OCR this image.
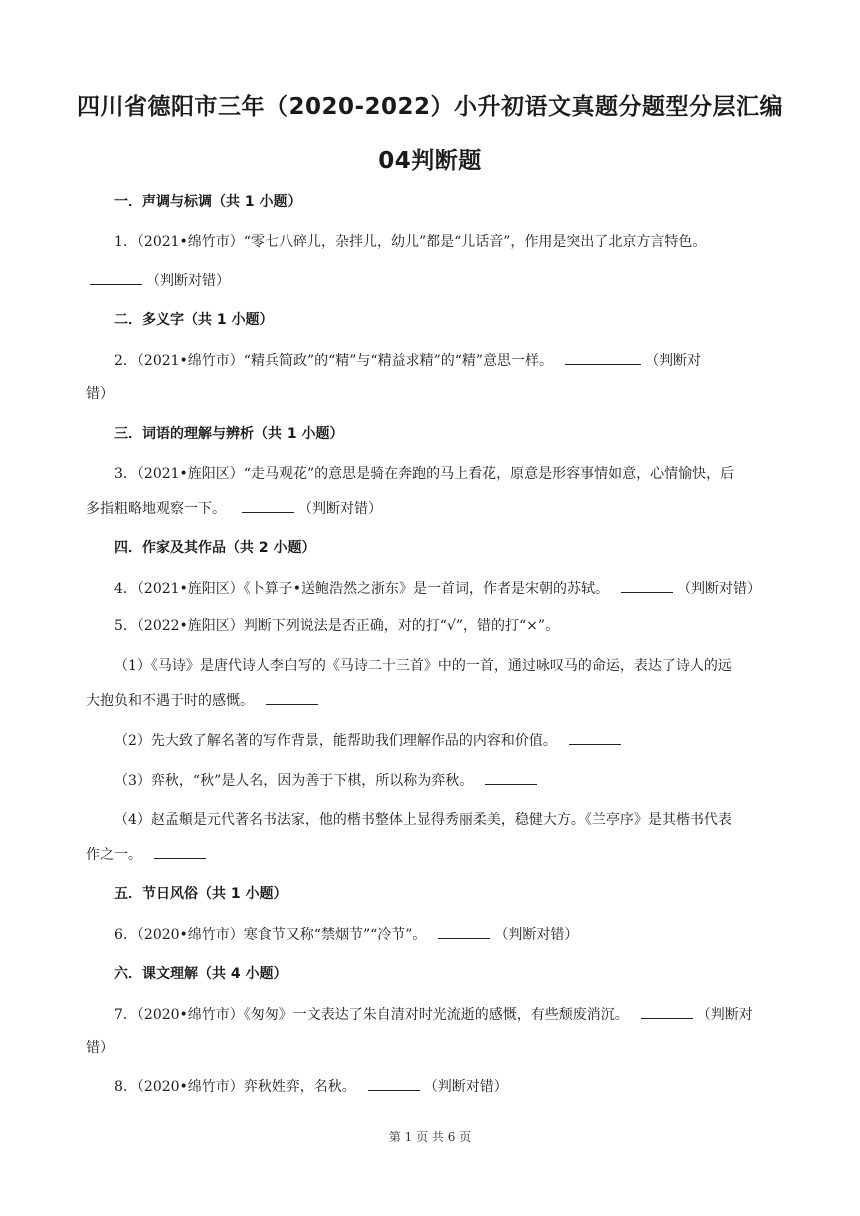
四川省德阳市三年（2020-2022）小升初语文真题分题型分层汇编
04判断题
一．声调与标调（共 1 小题）
1．（2021•绵竹市）“零七八碎儿，杂拌儿，幼儿”都是“儿话音”，作用是突出了北京方言特色。
（判断对错）
二．多义字（共 1 小题）
2．（2021•绵竹市）“精兵简政”的“精”与“精益求精”的“精”意思一样。	（判断对
错）
三．词语的理解与辨析（共 1 小题）
3．（2021•旌阳区）“走马观花”的意思是骑在奔跑的马上看花，原意是形容事情如意，心情愉快，后
多指粗略地观察一下。	（判断对错）
四．作家及其作品（共 2 小题）
4．（2021•旌阳区）《卜算子•送鲍浩然之浙东》是一首词，作者是宋朝的苏轼。	（判断对错）
5．（2022•旌阳区）判断下列说法是否正确，对的打“√”，错的打“×”。
（1）《马诗》是唐代诗人李白写的《马诗二十三首》中的一首，通过咏叹马的命运，表达了诗人的远
大抱负和不遇于时的感慨。
（2）先大致了解名著的写作背景，能帮助我们理解作品的内容和价值。
（3）弈秋，“秋”是人名，因为善于下棋，所以称为弈秋。
（4）赵孟頫是元代著名书法家，他的楷书整体上显得秀丽柔美，稳健大方。《兰亭序》是其楷书代表
作之一。
五．节日风俗（共 1 小题）
6．（2020•绵竹市）寒食节又称“禁烟节”“冷节”。	（判断对错）
六．课文理解（共 4 小题）
7．（2020•绵竹市）《匆匆》一文表达了朱自清对时光流逝的感慨，有些颓废消沉。	（判断对
错）
8．（2020•绵竹市）弈秋姓弈，名秋。	（判断对错）
第 1 页 共 6 页
